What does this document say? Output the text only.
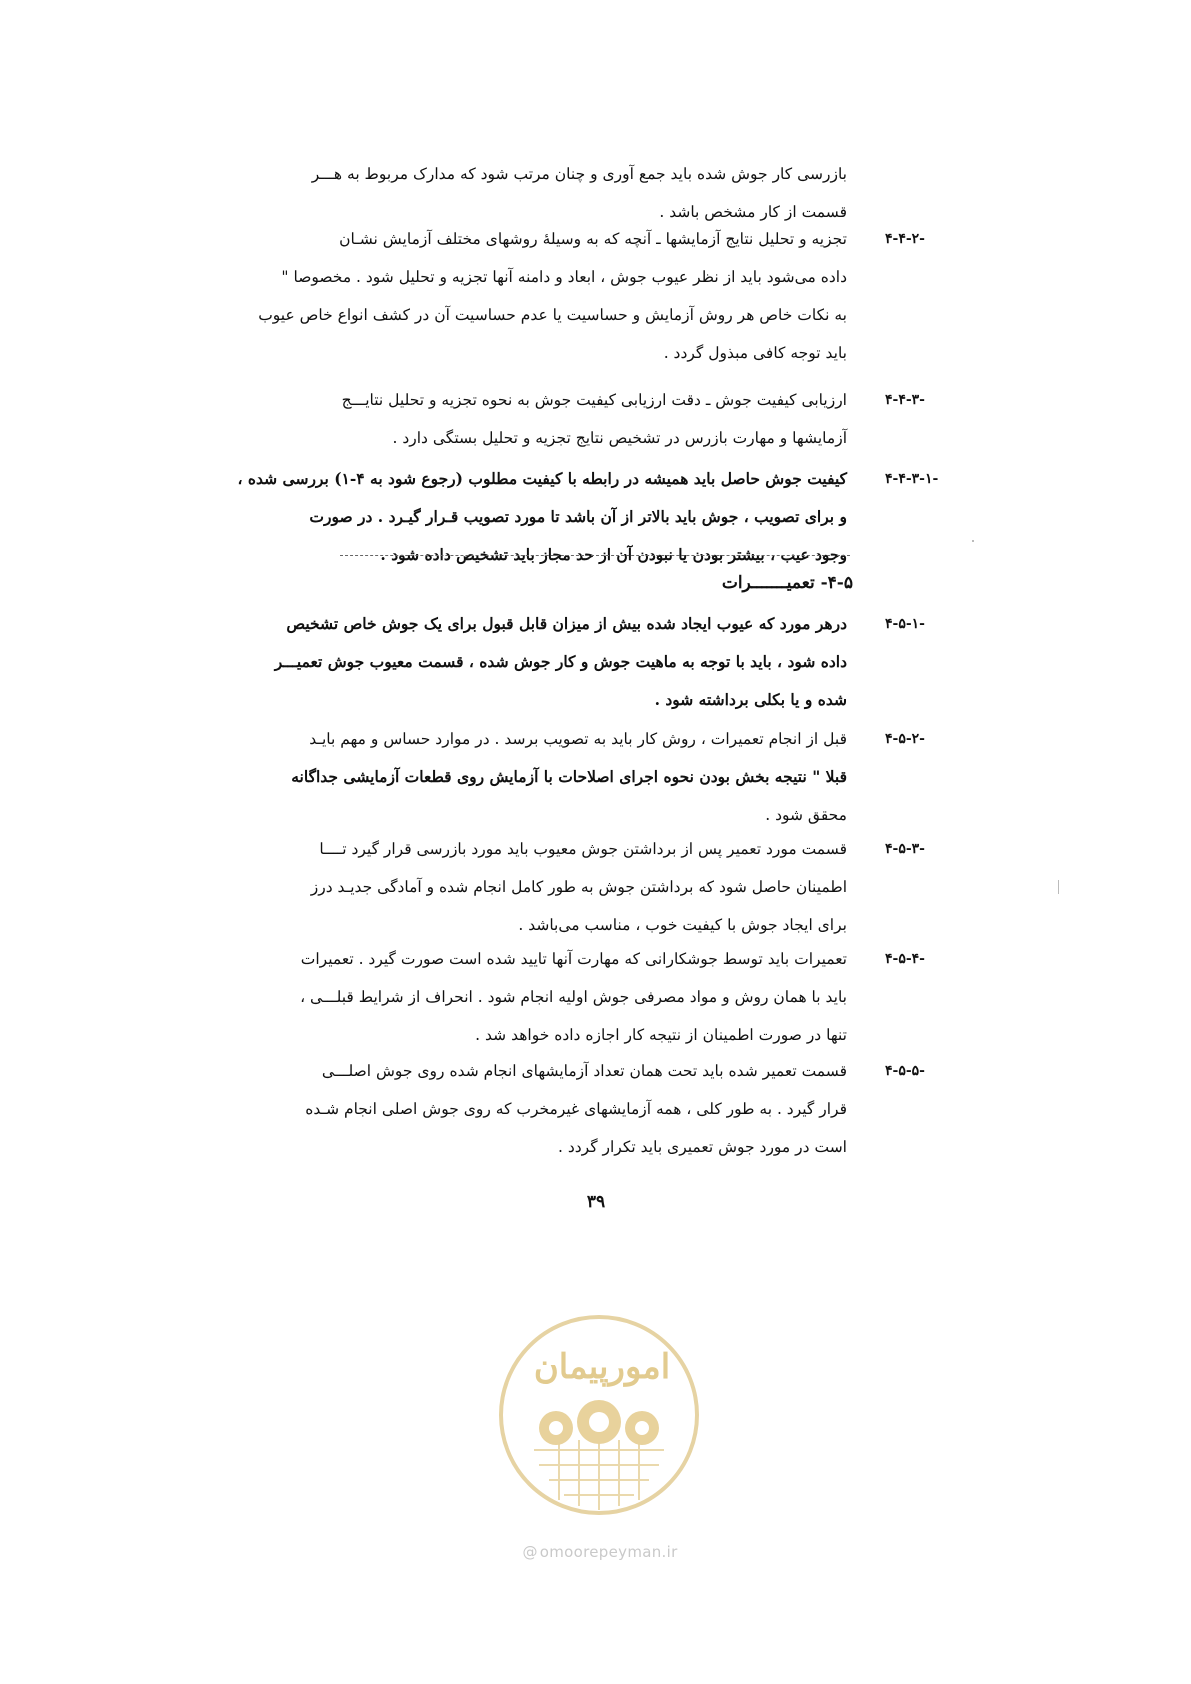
بازرسی کار جوش شده باید جمع آوری و چنان مرتب شود که مدارک مربوط به هـــر
قسمت از کار مشخص باشد .
۴-۴-۲-
تجزیه و تحلیل نتایج آزمایشها ـ آنچه که به وسیلهٔ روشهای مختلف آزمایش نشـان
داده می‌شود باید از نظر عیوب جوش ، ابعاد و دامنه آنها تجزیه و تحلیل شود . مخصوصا "
به نکات خاص هر روش آزمایش و حساسیت یا عدم حساسیت آن در کشف انواع خاص عیوب
باید توجه کافی مبذول گردد .
۴-۴-۳-
ارزیابی کیفیت جوش ـ دقت ارزیابی کیفیت جوش به نحوه تجزیه و تحلیل نتایـــج
آزمایشها و مهارت بازرس در تشخیص نتایج تجزیه و تحلیل بستگی دارد .
۴-۴-۳-۱-
کیفیت جوش حاصل باید همیشه در رابطه با کیفیت مطلوب (رجوع شود به ۴-۱) بررسی شده ،
و برای تصویب ، جوش باید بالاتر از آن باشد تا مورد تصویب قـرار گیـرد . در صورت
وجود عیب ، بیشتر بودن یا نبودن آن از حد مجاز باید تشخیص داده شود .
۴-۵- تعمیـــــــرات
۴-۵-۱-
درهر مورد که عیوب ایجاد شده بیش از میزان قابل قبول برای یک جوش خاص تشخیص
داده شود ، باید با توجه به ماهیت جوش و کار جوش شده ، قسمت معیوب جوش تعمیـــر
شده و یا بکلی برداشته شود .
۴-۵-۲-
قبل از انجام تعمیرات ، روش کار باید به تصویب برسد . در موارد حساس و مهم بایـد
قبلا " نتیجه بخش بودن نحوه اجرای اصلاحات با آزمایش روی قطعات آزمایشی جداگانه
محقق شود .
۴-۵-۳-
قسمت مورد تعمیر پس از برداشتن جوش معیوب باید مورد بازرسی قرار گیرد تــــا
اطمینان حاصل شود که برداشتن جوش به طور کامل انجام شده و آمادگی جدیـد درز
برای ایجاد جوش با کیفیت خوب ، مناسب می‌باشد .
۴-۵-۴-
تعمیرات باید توسط جوشکارانی که مهارت آنها تایید شده است صورت گیرد . تعمیرات
باید با همان روش و مواد مصرفی جوش اولیه انجام شود . انحراف از شرایط قبلـــی ،
تنها در صورت اطمینان از نتیجه کار اجازه داده خواهد شد .
۴-۵-۵-
قسمت تعمیر شده باید تحت همان تعداد آزمایشهای انجام شده روی جوش اصلـــی
قرار گیرد . به طور کلی ، همه آزمایشهای غیرمخرب که روی جوش اصلی انجام شـده
است در مورد جوش تعمیری باید تکرار گردد .
۳۹
امورپیمان
@ omoorepeyman.ir
